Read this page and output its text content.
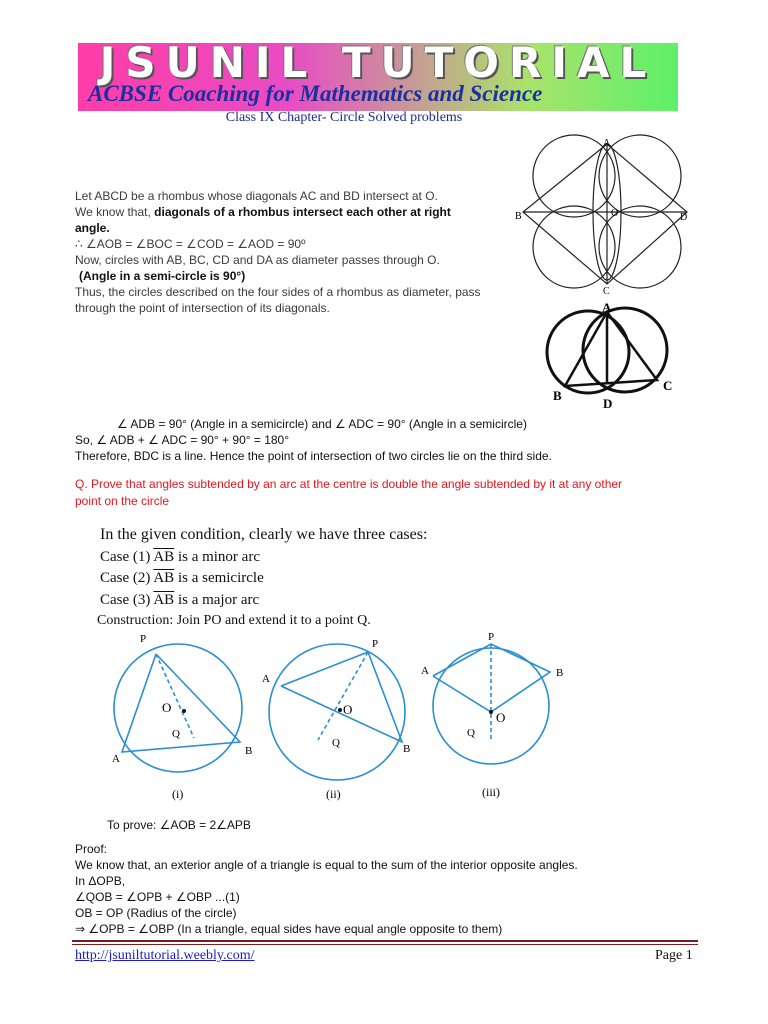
JSUNIL TUTORIAL
ACBSE Coaching for Mathematics and Science
Class IX Chapter- Circle Solved problems
Let ABCD be a rhombus whose diagonals AC and BD intersect at O.
We know that, diagonals of a rhombus intersect each other at right
angle.
∴ ∠AOB = ∠BOC = ∠COD = ∠AOD = 90º
Now, circles with AB, BC, CD and DA as diameter passes through O.
(Angle in a semi-circle is 90°)
Thus, the circles described on the four sides of a rhombus as diameter, pass
through the point of intersection of its diagonals.
A
B
C
D
O
A
B
C
D
∠ ADB = 90° (Angle in a semicircle) and ∠ ADC = 90° (Angle in a semicircle)
So, ∠ ADB + ∠ ADC = 90° + 90° = 180°
Therefore, BDC is a line. Hence the point of intersection of two circles lie on the third side.
Q. Prove that angles subtended by an arc at the centre is double the angle subtended by it at any other
point on the circle
In the given condition, clearly we have three cases:
Case (1) $\overline{AB}$ is a minor arc
Case (2) $\overline{AB}$ is a semicircle
Case (3) $\overline{AB}$ is a major arc
Construction: Join PO and extend it to a point Q.
P
O
Q
A
B
(i)
P
A
O
Q	B
(ii)
P
A	B
O
Q
(iii)
To prove: ∠AOB = 2∠APB
Proof:
We know that, an exterior angle of a triangle is equal to the sum of the interior opposite angles.
In ΔOPB,
∠QOB = ∠OPB + ∠OBP ...(1)
OB = OP (Radius of the circle)
⇒ ∠OPB = ∠OBP (In a triangle, equal sides have equal angle opposite to them)
http://jsuniltutorial.weebly.com/	Page 1
